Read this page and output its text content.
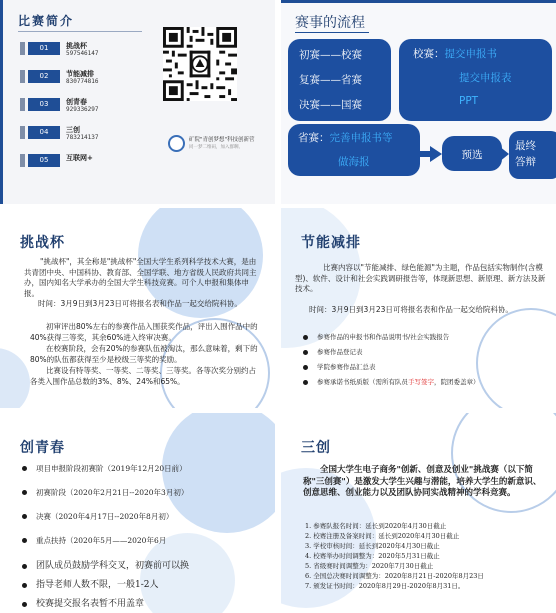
比赛简介
01	挑战杯
597546147
02	节能减排
830774816
03	创青春
929336297
04	三创
783214137
05	互联网+
矿院"青创梦想"科技创新营
同一梦二维码，加入群聊。
赛事的流程
初赛——校赛
复赛——省赛
决赛——国赛
校赛：提交申报书
提交申报表
PPT
省赛：完善申报书等
做海报
预选
最终答辩
挑战杯
"挑战杯"，其全称是"挑战杯"全国大学生系列科学技术大赛，是由共青团中央、中国科协、教育部、全国学联、地方省级人民政府共同主办，国内知名大学承办的全国大学生科技竞赛。可个人申报和集体申报。
时间：3月9日到3月23日可将报名表和作品一起交给院科协。
初审评出80%左右的参赛作品入围获奖作品，评出入围作品中的40%获得三等奖，其余60%进入终审决赛。
在校赛阶段，会有20%的参赛队伍被淘汰，那么意味着，剩下的80%的队伍都获得至少是校级三等奖的奖励。
比赛设有特等奖、一等奖、二等奖、三等奖。各等次奖分别约占各类入围作品总数的3%、8%、24%和65%。
节能减排
比赛内容以"节能减排、绿色能源"为主题，作品包括实物制作(含模型)、软件、设计和社会实践调研报告等，体现新思想、新原理、新方法及新技术。
时间：3月9日到3月23日可将报名表和作品一起交给院科协。
参赛作品的申报书和作品说明书/社会实践报告
参赛作品登记表
学院参赛作品汇总表
参赛承诺书纸质版（需所有队员手写签字，院团委盖章）
创青春
项目申报阶段初赛阶（2019年12月20日前）
初赛阶段（2020年2月21日--2020年3月初）
决赛（2020年4月17日--2020年8月初）
重点扶持（2020年5月——2020年6月
团队成员鼓励学科交叉，初赛前可以换
指导老师人数不限，一般1-2人
校赛提交报名表暂不用盖章
三创
全国大学生电子商务"创新、创意及创业"挑战赛（以下简称"三创赛"）是激发大学生兴趣与潜能，培养大学生的新意识、创意思维、创业能力以及团队协同实战精神的学科竞赛。
1. 参赛队报名时间：延长到2020年4月30日截止
2. 校赛注册及备案时间：延长到2020年4月30日截止
3. 学校审核时间：延长到2020年4月30日截止
4. 校赛举办时间调整为：2020年5月31日截止
5. 省级赛时间调整为：2020年7月30日截止
6. 全国总决赛时间调整为：2020年8月21日-2020年8月23日
7. 颁发证书时间：2020年8月29日-2020年8月31日。
